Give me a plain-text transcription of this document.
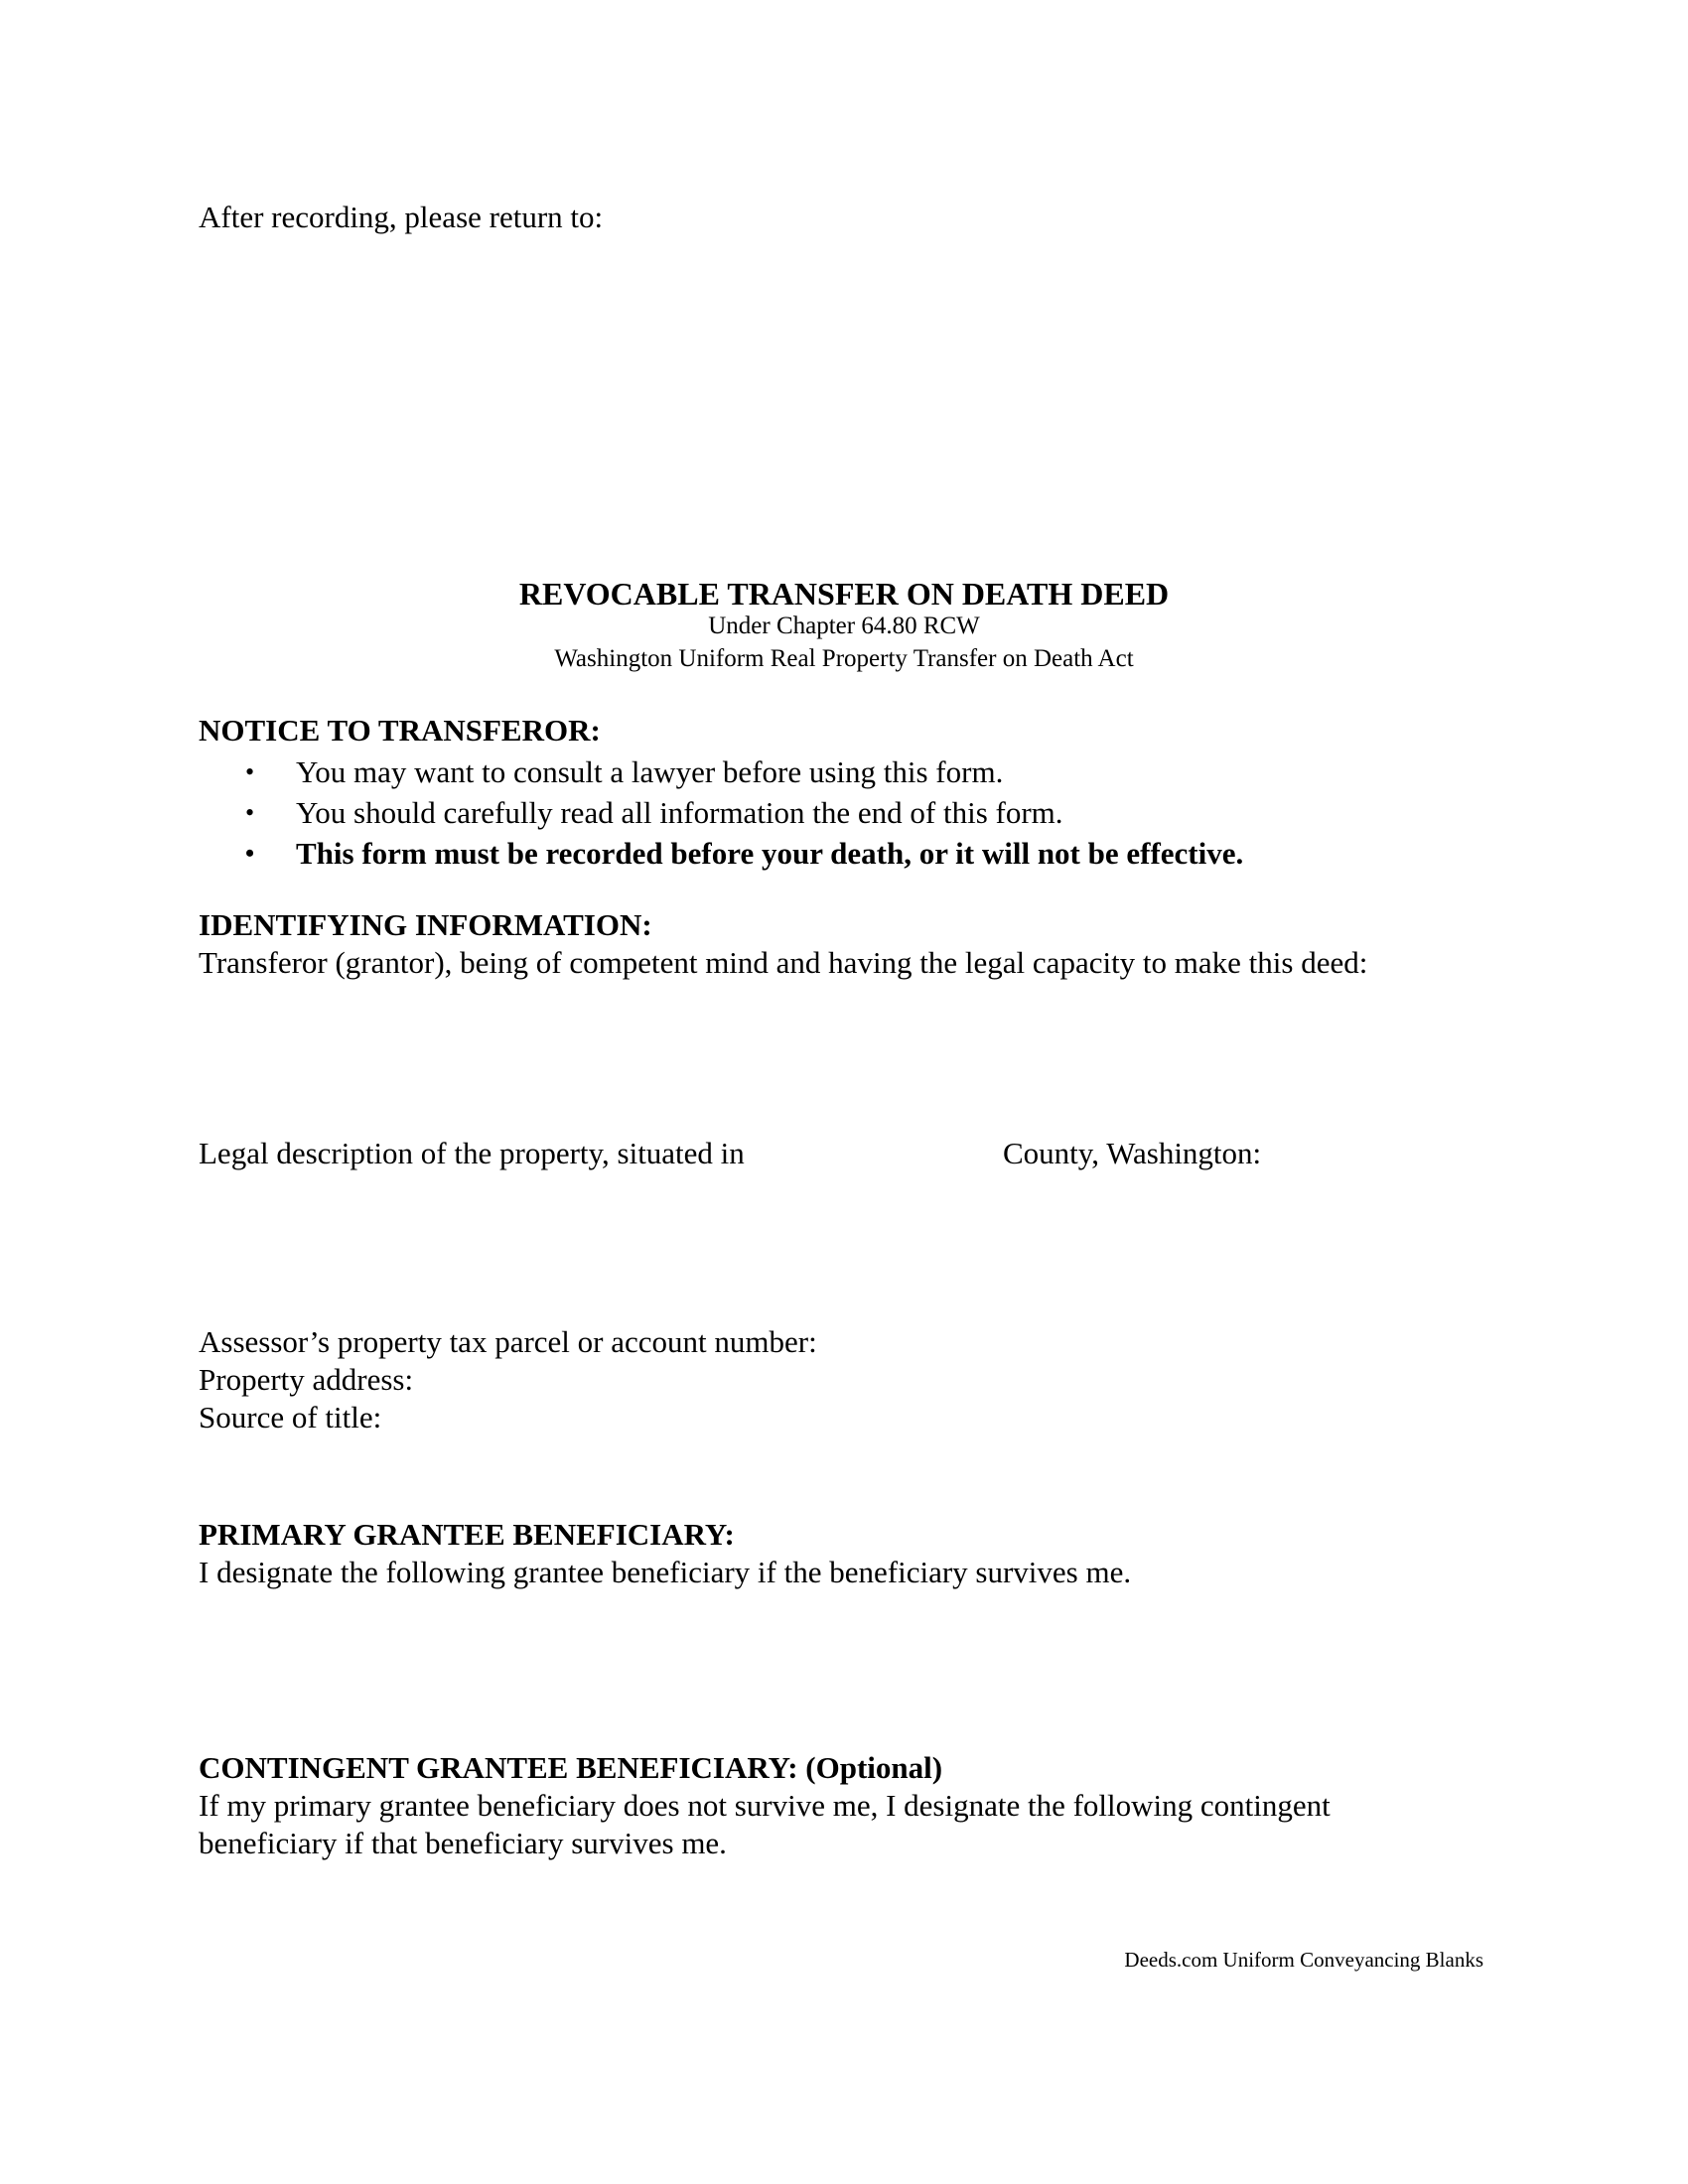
After recording, please return to:
REVOCABLE TRANSFER ON DEATH DEED
Under Chapter 64.80 RCW
Washington Uniform Real Property Transfer on Death Act
NOTICE TO TRANSFEROR:
• You may want to consult a lawyer before using this form.
• You should carefully read all information the end of this form.
• This form must be recorded before your death, or it will not be effective.
IDENTIFYING INFORMATION:
Transferor (grantor), being of competent mind and having the legal capacity to make this deed:
Legal description of the property, situated in	County, Washington:
Assessor’s property tax parcel or account number:
Property address:
Source of title:
PRIMARY GRANTEE BENEFICIARY:
I designate the following grantee beneficiary if the beneficiary survives me.
CONTINGENT GRANTEE BENEFICIARY: (Optional)
If my primary grantee beneficiary does not survive me, I designate the following contingent
beneficiary if that beneficiary survives me.
Deeds.com Uniform Conveyancing Blanks
